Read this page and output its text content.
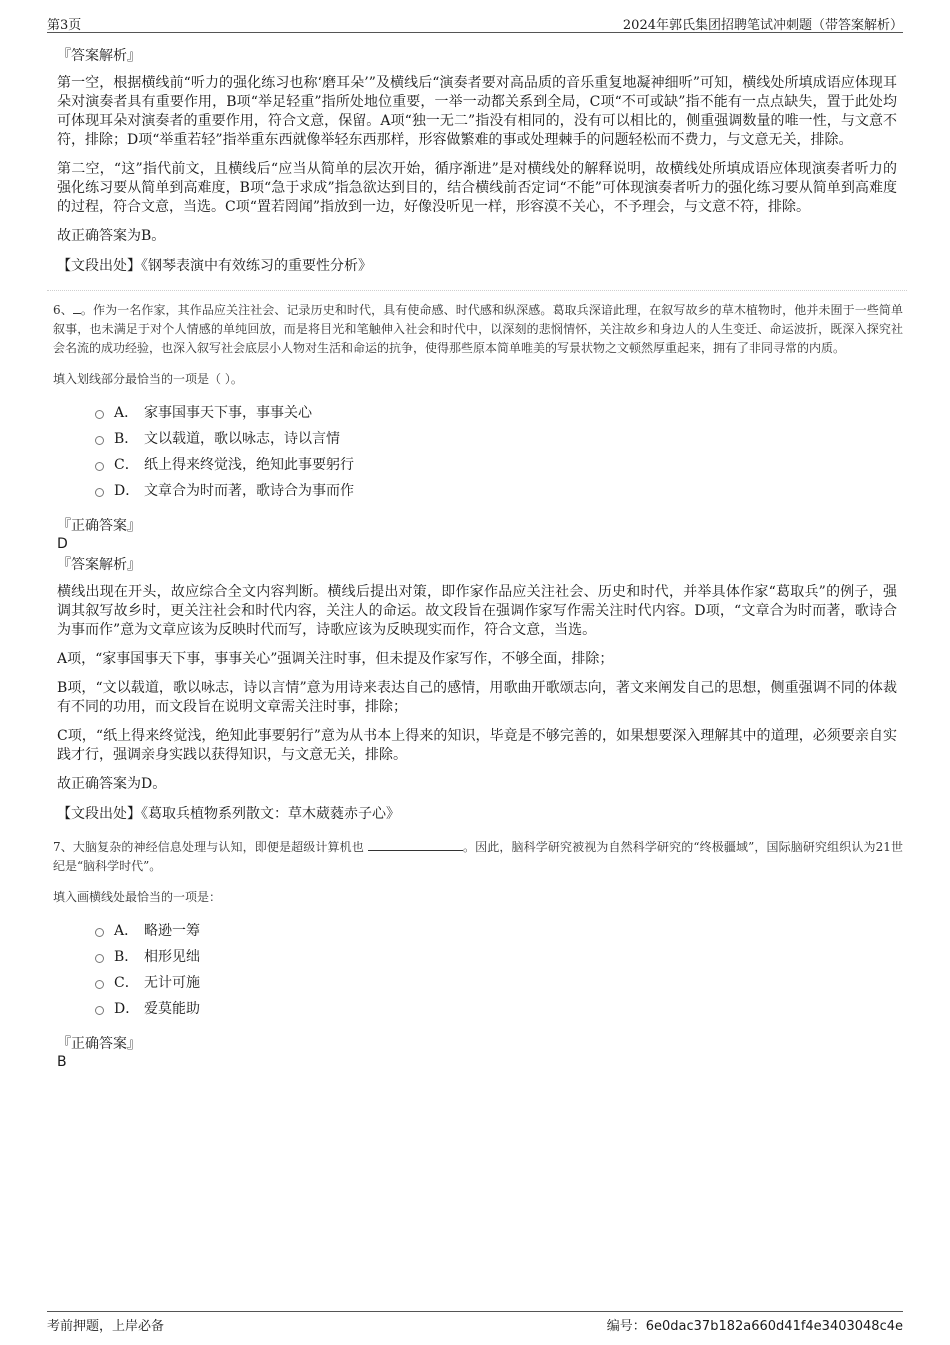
第3页	2024年郭氏集团招聘笔试冲刺题（带答案解析）
『答案解析』

第一空，根据横线前“听力的强化练习也称‘磨耳朵’”及横线后“演奏者要对高品质的音乐重复地凝神细听”可知，横线处所填成语应体现耳朵对演奏者具有重要作用，B项“举足轻重”指所处地位重要，一举一动都关系到全局，C项“不可或缺”指不能有一点点缺失，置于此处均可体现耳朵对演奏者的重要作用，符合文意，保留。A项“独一无二”指没有相同的，没有可以相比的，侧重强调数量的唯一性，与文意不符，排除；D项“举重若轻”指举重东西就像举轻东西那样，形容做繁难的事或处理棘手的问题轻松而不费力，与文意无关，排除。

第二空，“这”指代前文，且横线后“应当从简单的层次开始，循序渐进”是对横线处的解释说明，故横线处所填成语应体现演奏者听力的强化练习要从简单到高难度，B项“急于求成”指急欲达到目的，结合横线前否定词“不能”可体现演奏者听力的强化练习要从简单到高难度的过程，符合文意，当选。C项“置若罔闻”指放到一边，好像没听见一样，形容漠不关心，不予理会，与文意不符，排除。

故正确答案为B。

【文段出处】《钢琴表演中有效练习的重要性分析》
6、 。作为一名作家，其作品应关注社会、记录历史和时代，具有使命感、时代感和纵深感。葛取兵深谙此理，在叙写故乡的草木植物时，他并未囿于一些简单叙事，也未满足于对个人情感的单纯回放，而是将目光和笔触伸入社会和时代中，以深刻的悲悯情怀，关注故乡和身边人的人生变迁、命运波折，既深入探究社会名流的成功经验，也深入叙写社会底层小人物对生活和命运的抗争，使得那些原本简单唯美的写景状物之文顿然厚重起来，拥有了非同寻常的内质。
填入划线部分最恰当的一项是（ ）。
A． 家事国事天下事，事事关心
B． 文以载道，歌以咏志，诗以言情
C． 纸上得来终觉浅，绝知此事要躬行
D． 文章合为时而著，歌诗合为事而作
『正确答案』
D
『答案解析』

横线出现在开头，故应综合全文内容判断。横线后提出对策，即作家作品应关注社会、历史和时代，并举具体作家“葛取兵”的例子，强调其叙写故乡时，更关注社会和时代内容，关注人的命运。故文段旨在强调作家写作需关注时代内容。D项，“文章合为时而著，歌诗合为事而作”意为文章应该为反映时代而写，诗歌应该为反映现实而作，符合文意，当选。

A项，“家事国事天下事，事事关心”强调关注时事，但未提及作家写作，不够全面，排除；

B项，“文以载道，歌以咏志，诗以言情”意为用诗来表达自己的感情，用歌曲开歌颂志向，著文来阐发自己的思想，侧重强调不同的体裁有不同的功用，而文段旨在说明文章需关注时事，排除；

C项，“纸上得来终觉浅，绝知此事要躬行”意为从书本上得来的知识，毕竟是不够完善的，如果想要深入理解其中的道理，必须要亲自实践才行，强调亲身实践以获得知识，与文意无关，排除。

故正确答案为D。

【文段出处】《葛取兵植物系列散文：草木葳蕤赤子心》
7、大脑复杂的神经信息处理与认知，即便是超级计算机也	。因此，脑科学研究被视为自然科学研究的“终极疆域”，国际脑研究组织认为21世纪是“脑科学时代”。
填入画横线处最恰当的一项是：
A． 略逊一筹
B． 相形见绌
C． 无计可施
D． 爱莫能助
『正确答案』
B
考前押题，上岸必备	编号：6e0dac37b182a660d41f4e3403048c4e
